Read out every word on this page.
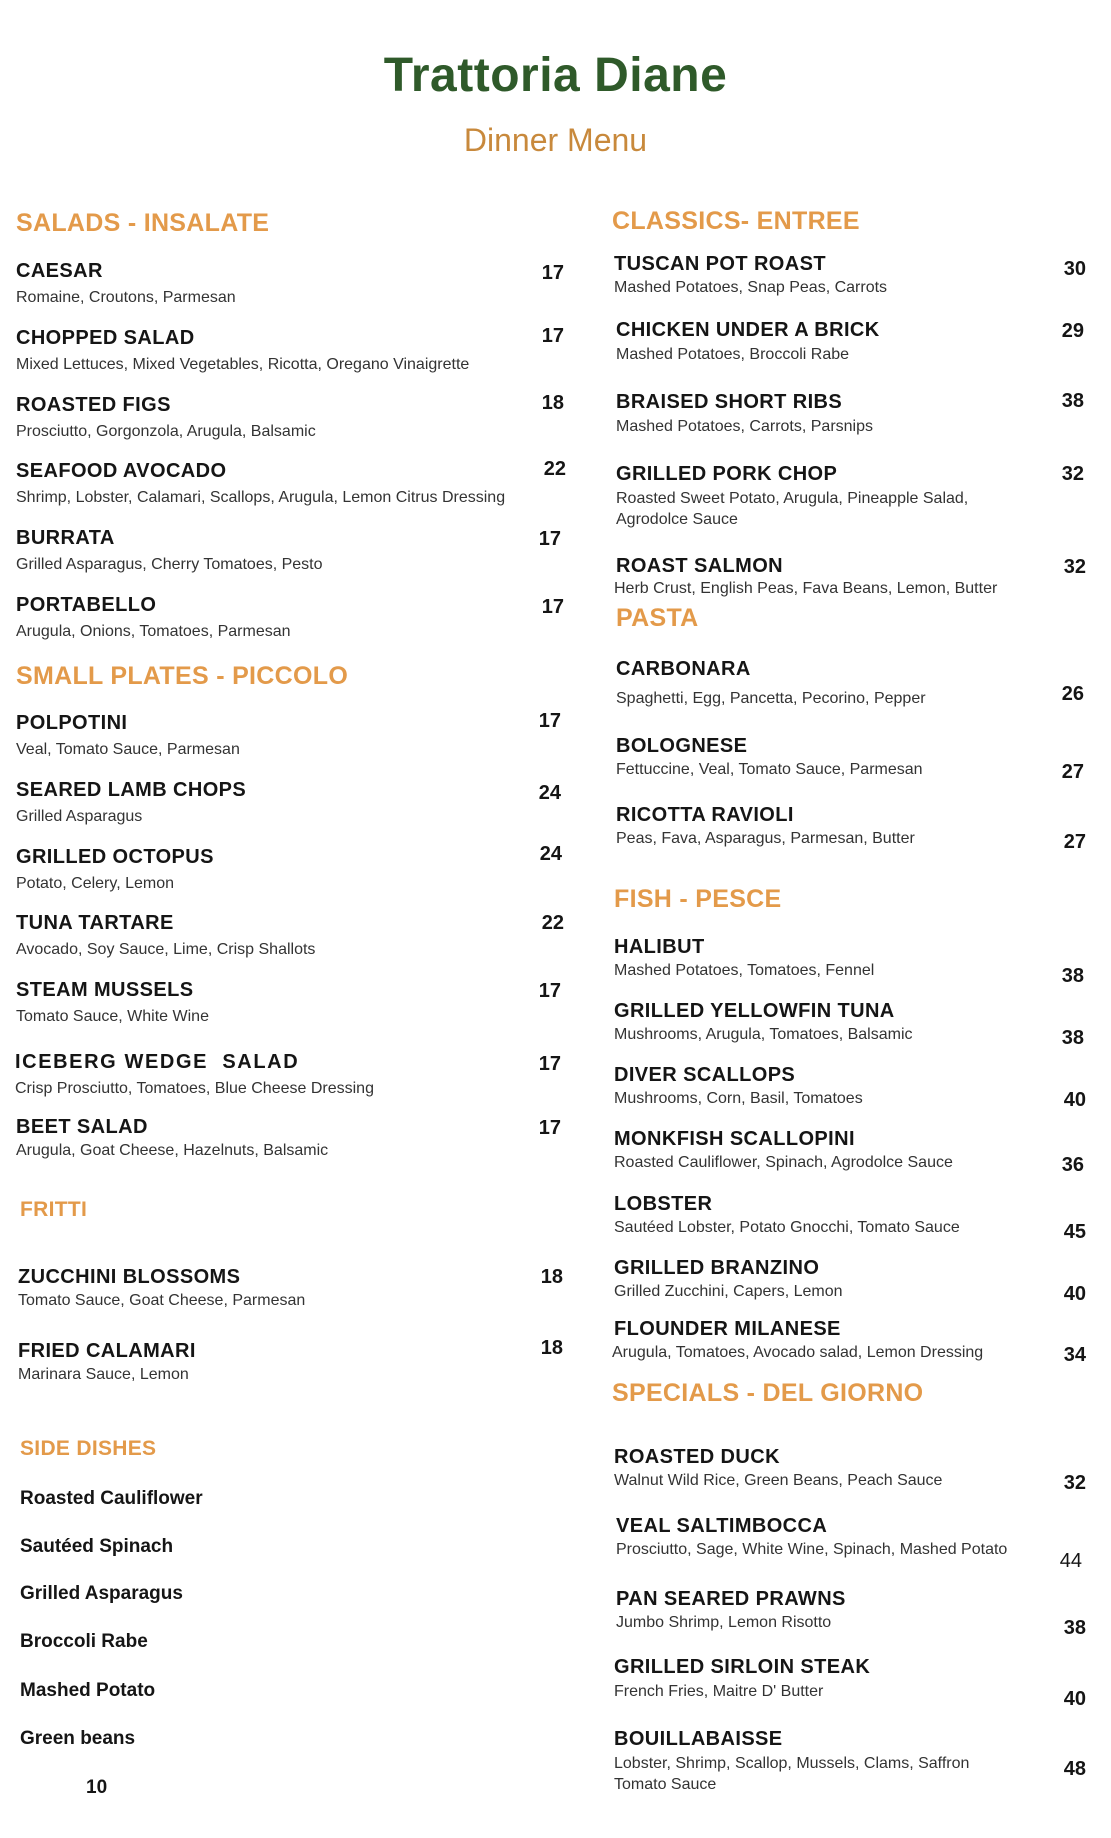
Trattoria Diane
Dinner Menu
SALADS - INSALATE
CAESAR
Romaine, Croutons, Parmesan
17
CHOPPED SALAD
Mixed Lettuces, Mixed Vegetables, Ricotta, Oregano Vinaigrette
17
ROASTED FIGS
Prosciutto, Gorgonzola, Arugula, Balsamic
18
SEAFOOD AVOCADO
Shrimp, Lobster, Calamari, Scallops, Arugula, Lemon Citrus Dressing
22
BURRATA
Grilled Asparagus, Cherry Tomatoes, Pesto
17
PORTABELLO
Arugula, Onions, Tomatoes, Parmesan
17
SMALL PLATES - PICCOLO
POLPOTINI
Veal, Tomato Sauce, Parmesan
17
SEARED LAMB CHOPS
Grilled Asparagus
24
GRILLED OCTOPUS
Potato, Celery, Lemon
24
TUNA TARTARE
Avocado, Soy Sauce, Lime, Crisp Shallots
22
STEAM MUSSELS
Tomato Sauce, White Wine
17
ICEBERG WEDGE  SALAD
Crisp Prosciutto, Tomatoes, Blue Cheese Dressing
17
BEET SALAD
Arugula, Goat Cheese, Hazelnuts, Balsamic
17
FRITTI
ZUCCHINI BLOSSOMS
Tomato Sauce, Goat Cheese, Parmesan
18
FRIED CALAMARI
Marinara Sauce, Lemon
18
SIDE DISHES
Roasted Cauliflower
Sautéed Spinach
Grilled Asparagus
Broccoli Rabe
Mashed Potato
Green beans
10
CLASSICS- ENTREE
TUSCAN POT ROAST
Mashed Potatoes, Snap Peas, Carrots
30
CHICKEN UNDER A BRICK
Mashed Potatoes, Broccoli Rabe
29
BRAISED SHORT RIBS
Mashed Potatoes, Carrots, Parsnips
38
GRILLED PORK CHOP
Roasted Sweet Potato, Arugula, Pineapple Salad, Agrodolce Sauce
32
ROAST SALMON
Herb Crust, English Peas, Fava Beans, Lemon, Butter
32
PASTA
CARBONARA
Spaghetti, Egg, Pancetta, Pecorino, Pepper	26
BOLOGNESE
Fettuccine, Veal, Tomato Sauce, Parmesan	27
RICOTTA RAVIOLI
Peas, Fava, Asparagus, Parmesan, Butter	27
FISH - PESCE
HALIBUT
Mashed Potatoes, Tomatoes, Fennel	38
GRILLED YELLOWFIN TUNA
Mushrooms, Arugula, Tomatoes, Balsamic	38
DIVER SCALLOPS
Mushrooms, Corn, Basil, Tomatoes	40
MONKFISH SCALLOPINI
Roasted Cauliflower, Spinach, Agrodolce Sauce	36
LOBSTER
Sautéed Lobster, Potato Gnocchi, Tomato Sauce	45
GRILLED BRANZINO
Grilled Zucchini, Capers, Lemon	40
FLOUNDER MILANESE
Arugula, Tomatoes, Avocado salad, Lemon Dressing	34
SPECIALS - DEL GIORNO
ROASTED DUCK
Walnut Wild Rice, Green Beans, Peach Sauce	32
VEAL SALTIMBOCCA
Prosciutto, Sage, White Wine, Spinach, Mashed Potato
44
PAN SEARED PRAWNS
Jumbo Shrimp, Lemon Risotto	38
GRILLED SIRLOIN STEAK
French Fries, Maitre D' Butter	40
BOUILLABAISSE
Lobster, Shrimp, Scallop, Mussels, Clams, Saffron Tomato Sauce
48
